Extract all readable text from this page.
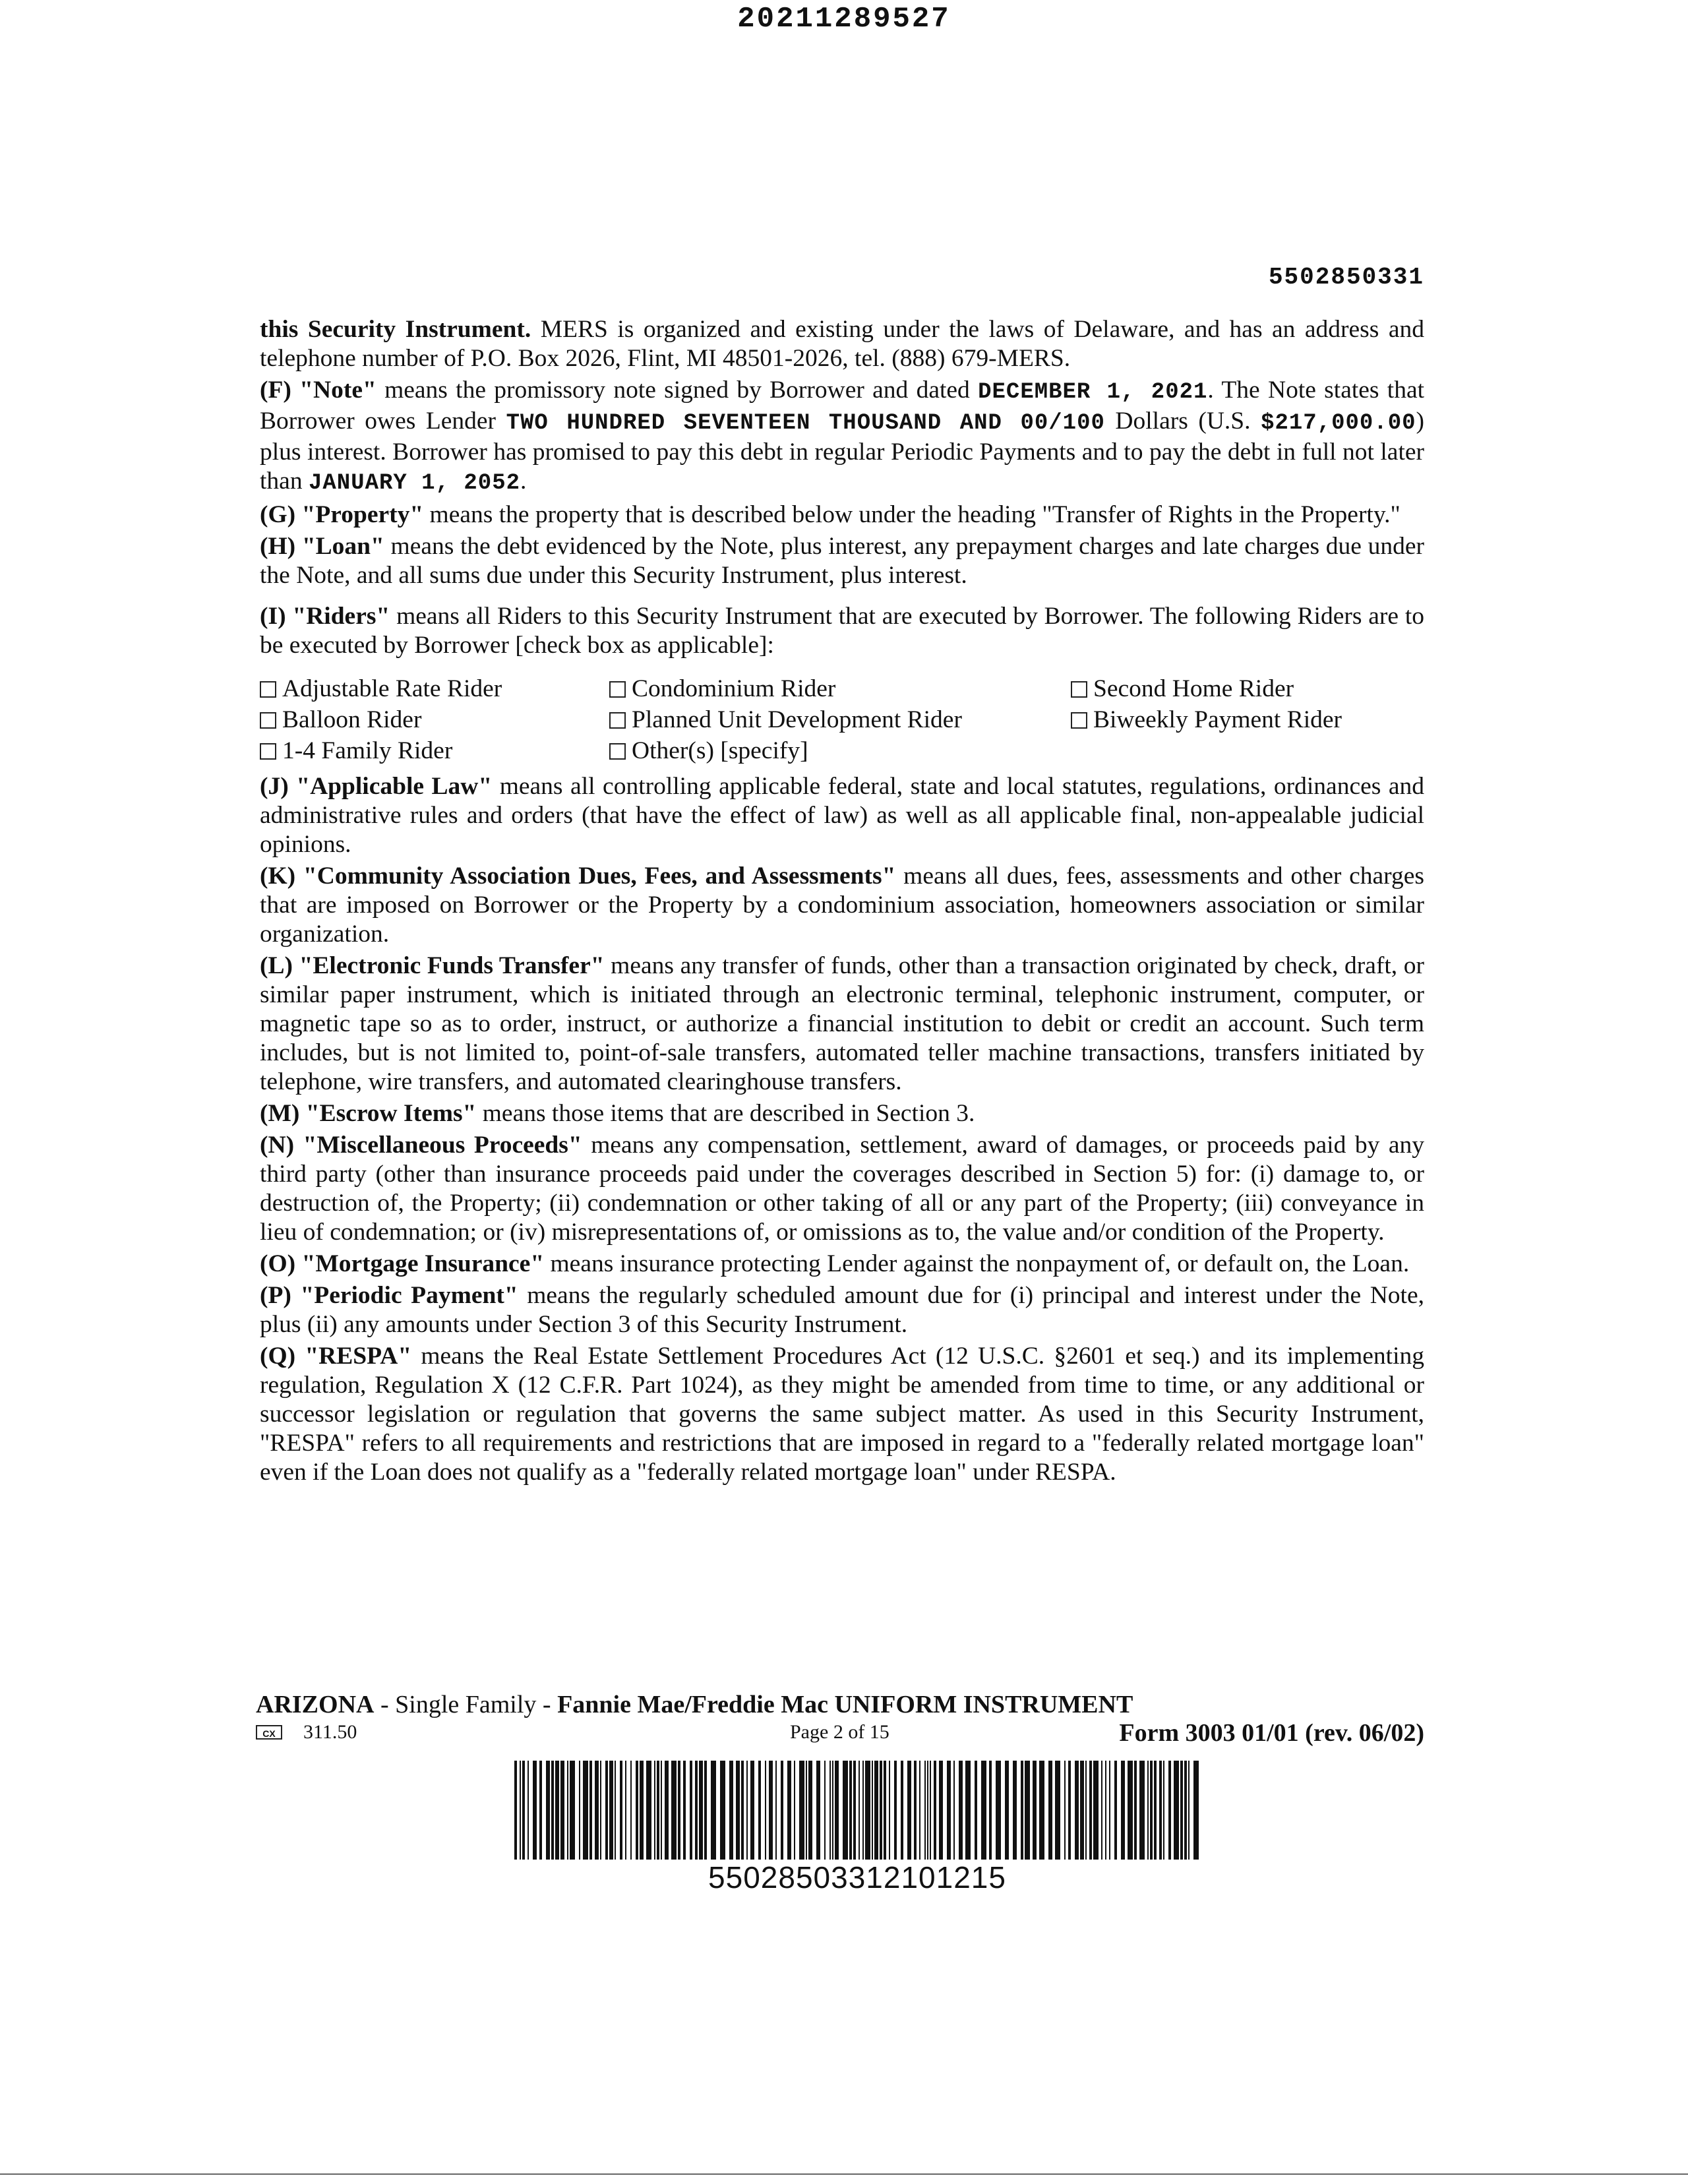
20211289527
5502850331

this Security Instrument. MERS is organized and existing under the laws of Delaware, and has an address and telephone number of P.O. Box 2026, Flint, MI 48501-2026, tel. (888) 679-MERS.

(F) "Note" means the promissory note signed by Borrower and dated DECEMBER 1, 2021. The Note states that Borrower owes Lender TWO HUNDRED SEVENTEEN THOUSAND AND 00/100 Dollars (U.S. $217,000.00) plus interest. Borrower has promised to pay this debt in regular Periodic Payments and to pay the debt in full not later than JANUARY 1, 2052.

(G) "Property" means the property that is described below under the heading "Transfer of Rights in the Property."

(H) "Loan" means the debt evidenced by the Note, plus interest, any prepayment charges and late charges due under the Note, and all sums due under this Security Instrument, plus interest.

(I) "Riders" means all Riders to this Security Instrument that are executed by Borrower. The following Riders are to be executed by Borrower [check box as applicable]:

Adjustable Rate Rider	Condominium Rider	Second Home Rider
Balloon Rider	Planned Unit Development Rider	Biweekly Payment Rider
1-4 Family Rider	Other(s) [specify]

(J) "Applicable Law" means all controlling applicable federal, state and local statutes, regulations, ordinances and administrative rules and orders (that have the effect of law) as well as all applicable final, non-appealable judicial opinions.

(K) "Community Association Dues, Fees, and Assessments" means all dues, fees, assessments and other charges that are imposed on Borrower or the Property by a condominium association, homeowners association or similar organization.

(L) "Electronic Funds Transfer" means any transfer of funds, other than a transaction originated by check, draft, or similar paper instrument, which is initiated through an electronic terminal, telephonic instrument, computer, or magnetic tape so as to order, instruct, or authorize a financial institution to debit or credit an account. Such term includes, but is not limited to, point-of-sale transfers, automated teller machine transactions, transfers initiated by telephone, wire transfers, and automated clearinghouse transfers.

(M) "Escrow Items" means those items that are described in Section 3.

(N) "Miscellaneous Proceeds" means any compensation, settlement, award of damages, or proceeds paid by any third party (other than insurance proceeds paid under the coverages described in Section 5) for: (i) damage to, or destruction of, the Property; (ii) condemnation or other taking of all or any part of the Property; (iii) conveyance in lieu of condemnation; or (iv) misrepresentations of, or omissions as to, the value and/or condition of the Property.

(O) "Mortgage Insurance" means insurance protecting Lender against the nonpayment of, or default on, the Loan.

(P) "Periodic Payment" means the regularly scheduled amount due for (i) principal and interest under the Note, plus (ii) any amounts under Section 3 of this Security Instrument.

(Q) "RESPA" means the Real Estate Settlement Procedures Act (12 U.S.C. §2601 et seq.) and its implementing regulation, Regulation X (12 C.F.R. Part 1024), as they might be amended from time to time, or any additional or successor legislation or regulation that governs the same subject matter. As used in this Security Instrument, "RESPA" refers to all requirements and restrictions that are imposed in regard to a "federally related mortgage loan" even if the Loan does not qualify as a "federally related mortgage loan" under RESPA.

ARIZONA - Single Family - Fannie Mae/Freddie Mac UNIFORM INSTRUMENT
CX	311.50	Page 2 of 15	Form 3003 01/01 (rev. 06/02)
55028503312101215
